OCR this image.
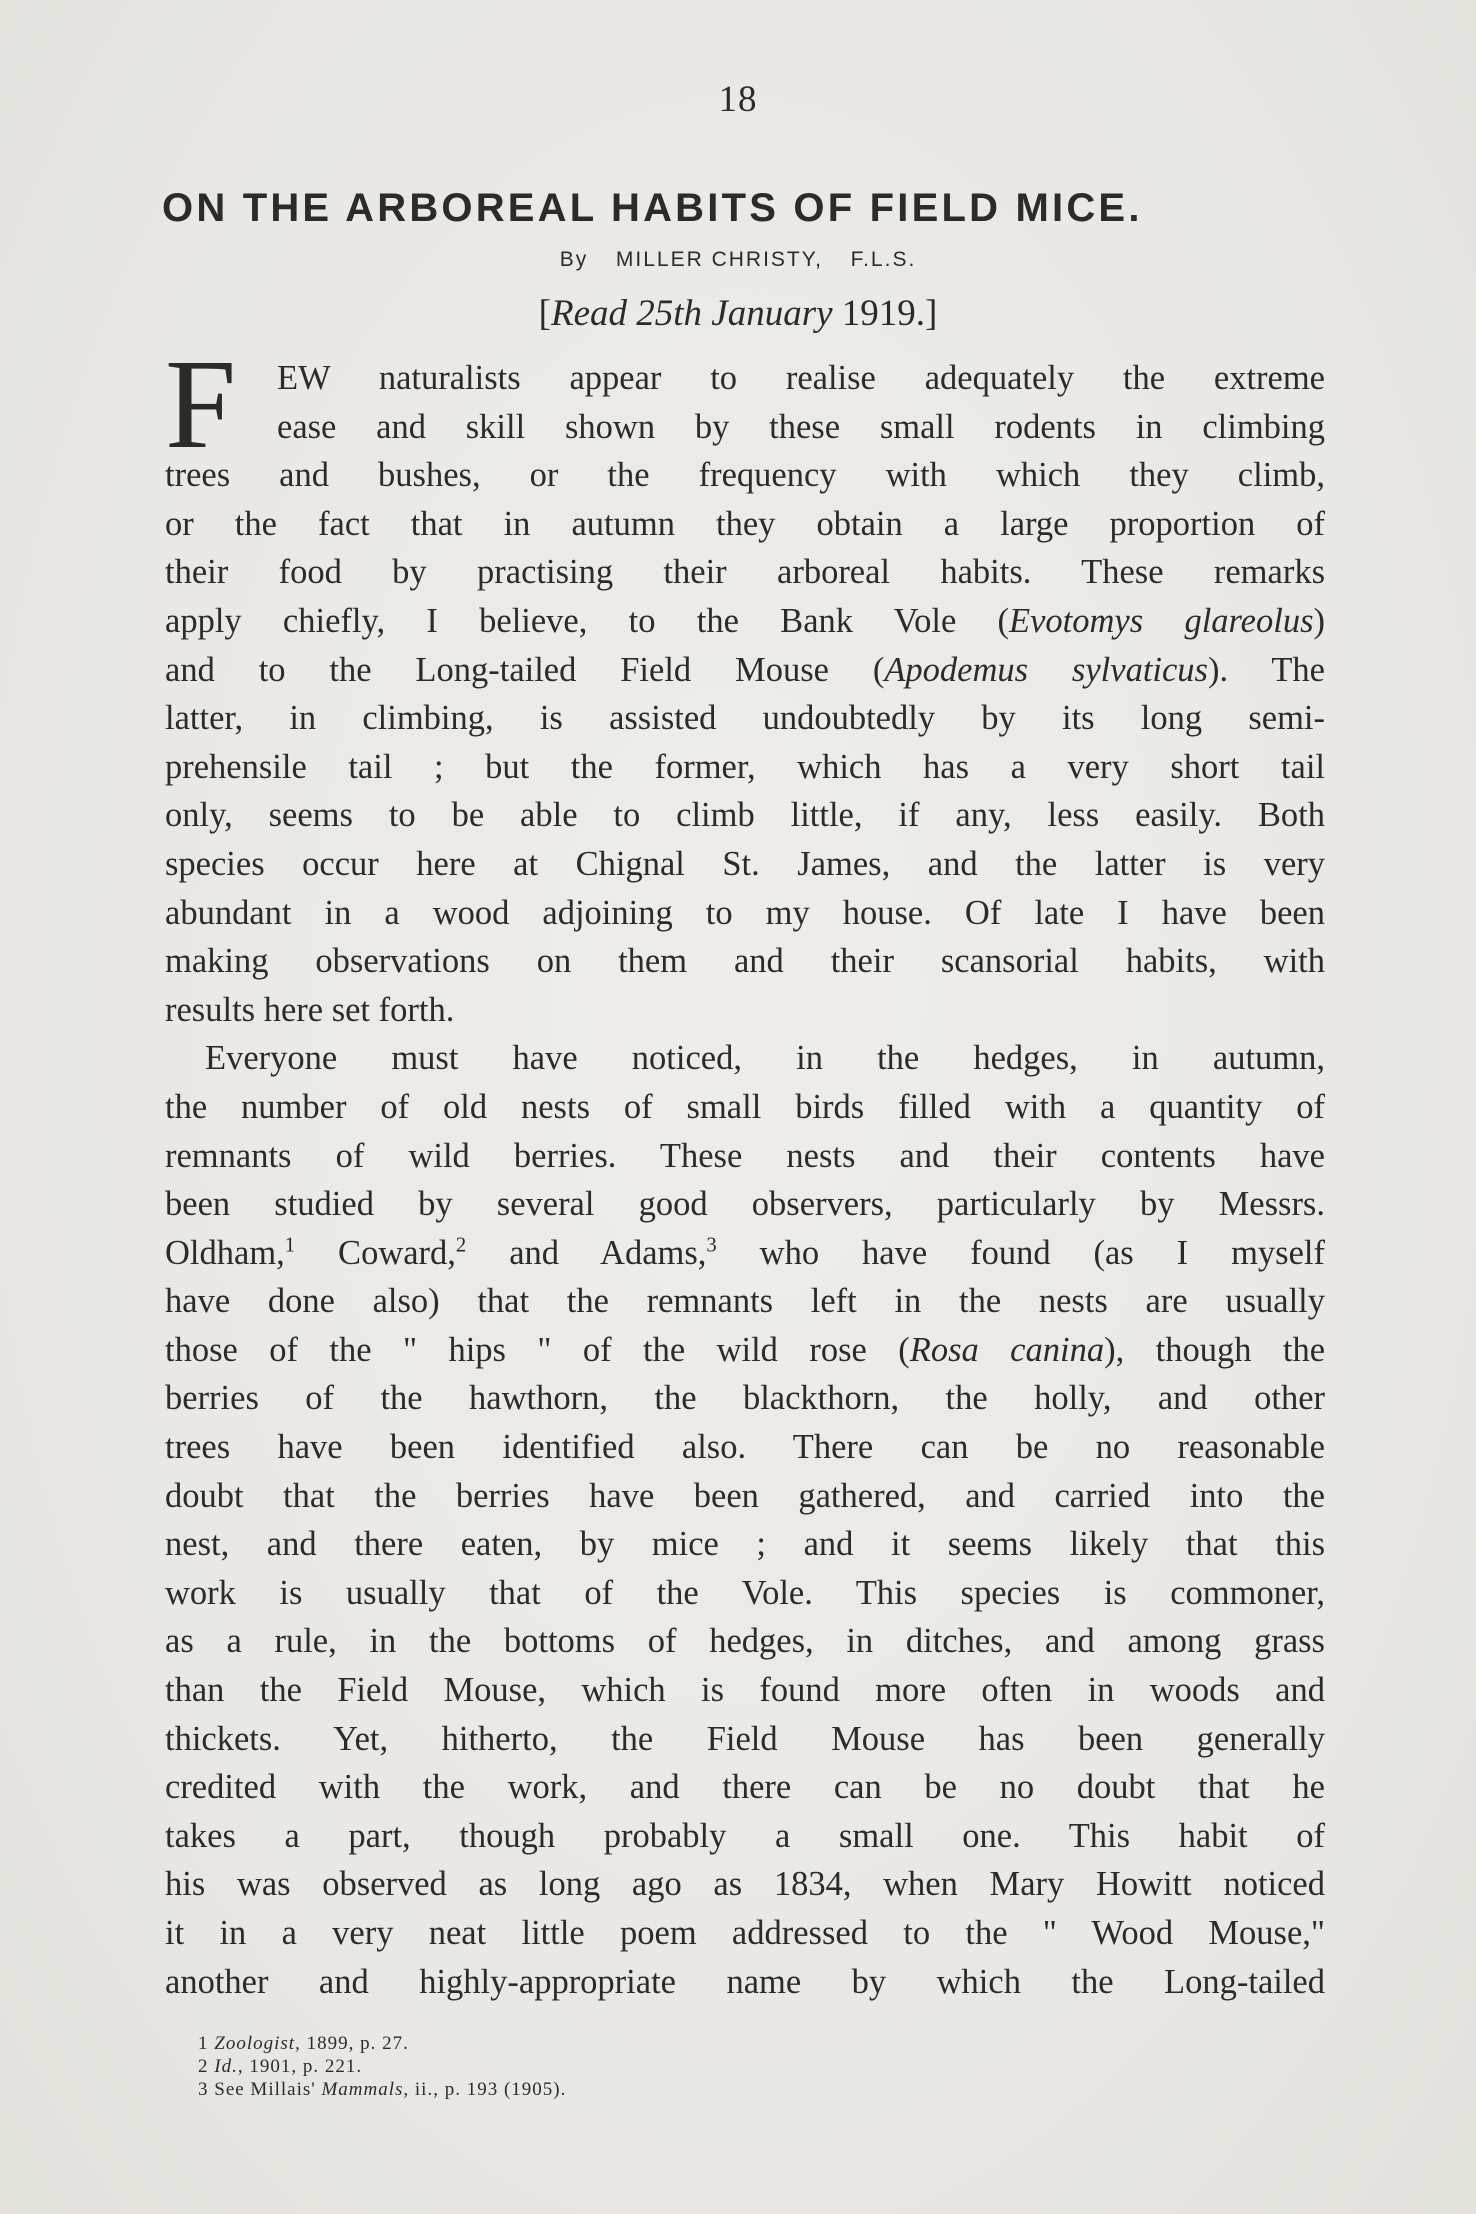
18
ON THE ARBOREAL HABITS OF FIELD MICE.
By MILLER CHRISTY, F.L.S.
[Read 25th January 1919.]
F	EW naturalists appear to realise adequately the extreme
ease and skill shown by these small rodents in climbing
trees and bushes, or the frequency with which they climb,
or the fact that in autumn they obtain a large proportion of
their food by practising their arboreal habits. These remarks
apply chiefly, I believe, to the Bank Vole (Evotomys glareolus)
and to the Long-tailed Field Mouse (Apodemus sylvaticus). The
latter, in climbing, is assisted undoubtedly by its long semi-
prehensile tail ; but the former, which has a very short tail
only, seems to be able to climb little, if any, less easily. Both
species occur here at Chignal St. James, and the latter is very
abundant in a wood adjoining to my house. Of late I have been
making observations on them and their scansorial habits, with
results here set forth.
Everyone must have noticed, in the hedges, in autumn,
the number of old nests of small birds filled with a quantity of
remnants of wild berries. These nests and their contents have
been studied by several good observers, particularly by Messrs.
Oldham,$^1$ Coward,$^2$ and Adams,$^3$ who have found (as I myself
have done also) that the remnants left in the nests are usually
those of the " hips " of the wild rose (Rosa canina), though the
berries of the hawthorn, the blackthorn, the holly, and other
trees have been identified also. There can be no reasonable
doubt that the berries have been gathered, and carried into the
nest, and there eaten, by mice ; and it seems likely that this
work is usually that of the Vole. This species is commoner,
as a rule, in the bottoms of hedges, in ditches, and among grass
than the Field Mouse, which is found more often in woods and
thickets. Yet, hitherto, the Field Mouse has been generally
credited with the work, and there can be no doubt that he
takes a part, though probably a small one. This habit of
his was observed as long ago as 1834, when Mary Howitt noticed
it in a very neat little poem addressed to the " Wood Mouse,"
another and highly-appropriate name by which the Long-tailed
1 Zoologist, 1899, p. 27.
2 Id., 1901, p. 221.
3 See Millais' Mammals, ii., p. 193 (1905).
